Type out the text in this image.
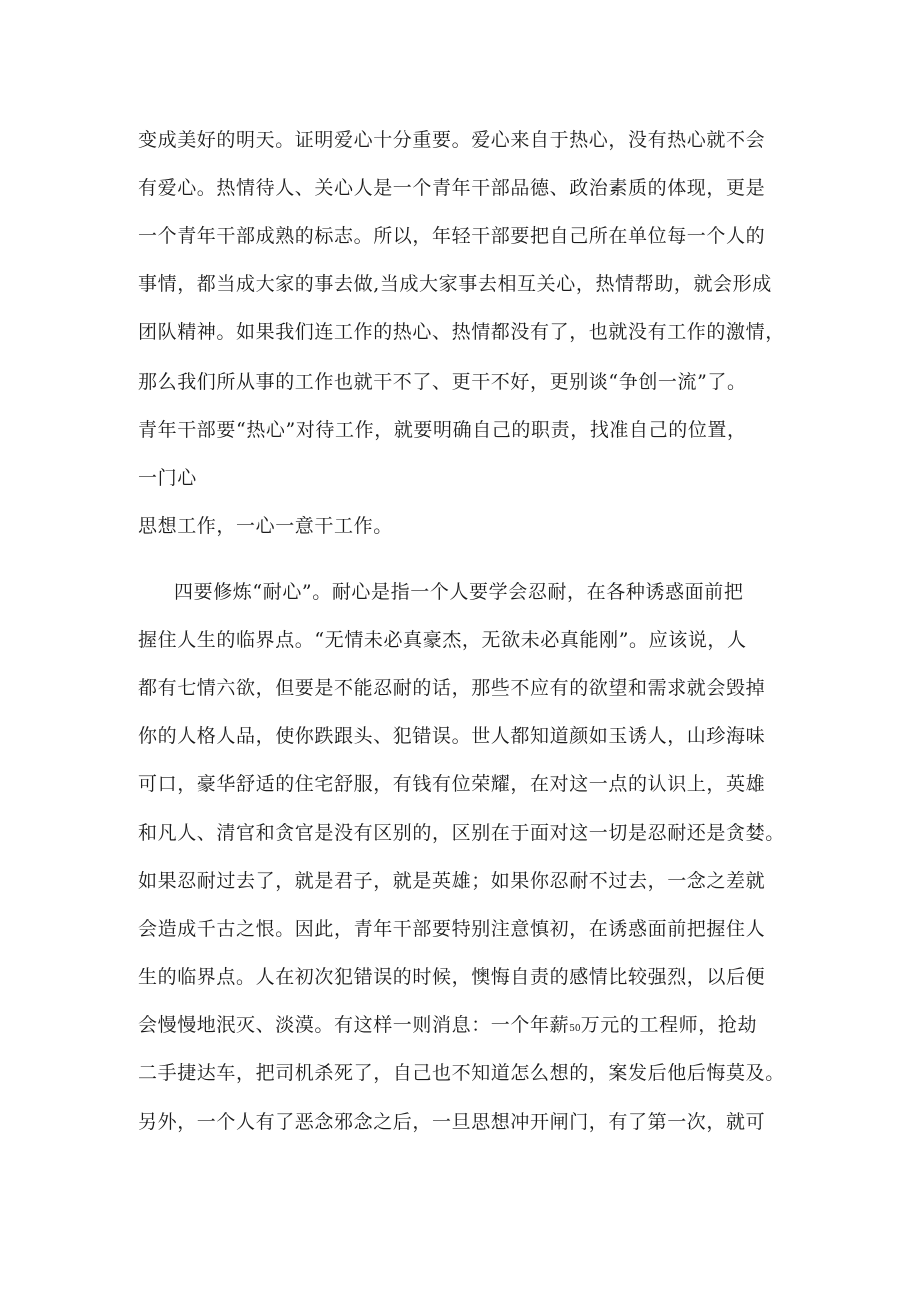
变成美好的明天。证明爱心十分重要。爱心来自于热心，没有热心就不会
有爱心。热情待人、关心人是一个青年干部品德、政治素质的体现，更是
一个青年干部成熟的标志。所以，年轻干部要把自己所在单位每一个人的
事情，都当成大家的事去做,当成大家事去相互关心，热情帮助，就会形成
团队精神。如果我们连工作的热心、热情都没有了，也就没有工作的激情，
那么我们所从事的工作也就干不了、更干不好，更别谈“争创一流”了。
青年干部要“热心”对待工作，就要明确自己的职责，找准自己的位置，
一门心
思想工作，一心一意干工作。
四要修炼“耐心”。耐心是指一个人要学会忍耐，在各种诱惑面前把
握住人生的临界点。“无情未必真豪杰，无欲未必真能刚”。应该说，人
都有七情六欲，但要是不能忍耐的话，那些不应有的欲望和需求就会毁掉
你的人格人品，使你跌跟头、犯错误。世人都知道颜如玉诱人，山珍海味
可口，豪华舒适的住宅舒服，有钱有位荣耀，在对这一点的认识上，英雄
和凡人、清官和贪官是没有区别的，区别在于面对这一切是忍耐还是贪婪。
如果忍耐过去了，就是君子，就是英雄；如果你忍耐不过去，一念之差就
会造成千古之恨。因此，青年干部要特别注意慎初，在诱惑面前把握住人
生的临界点。人在初次犯错误的时候，懊悔自责的感情比较强烈，以后便
会慢慢地泯灭、淡漠。有这样一则消息：一个年薪50万元的工程师，抢劫
二手捷达车，把司机杀死了，自己也不知道怎么想的，案发后他后悔莫及。
另外，一个人有了恶念邪念之后，一旦思想冲开闸门，有了第一次，就可
